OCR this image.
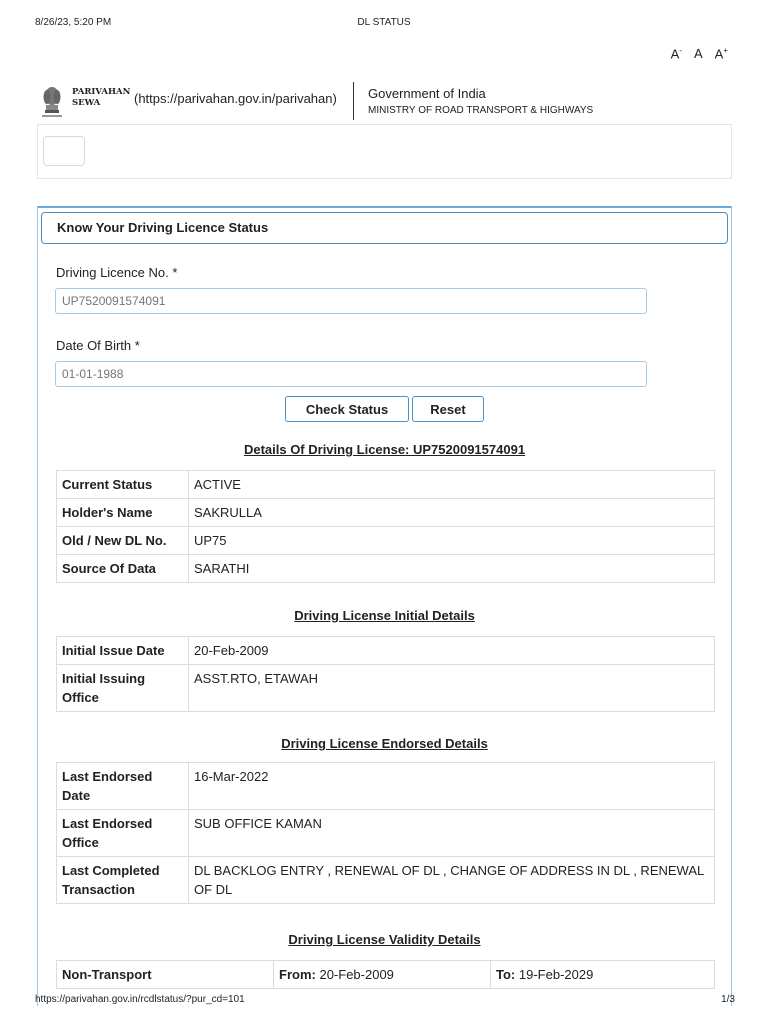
8/26/23, 5:20 PM	DL STATUS
A- A A+
PARIVAHAN
SEWA	(https://parivahan.gov.in/parivahan) Government of India
MINISTRY OF ROAD TRANSPORT & HIGHWAYS
Know Your Driving Licence Status
Driving Licence No. *
UP7520091574091
Date Of Birth *
01-01-1988
Check Status	Reset
Details Of Driving License: UP7520091574091
Current Status	ACTIVE
Holder's Name	SAKRULLA
Old / New DL No.	UP75
Source Of Data	SARATHI
Driving License Initial Details
Initial Issue Date	20-Feb-2009
Initial Issuing Office	ASST.RTO, ETAWAH
Driving License Endorsed Details
Last Endorsed Date	16-Mar-2022
Last Endorsed Office	SUB OFFICE KAMAN
Last Completed Transaction	DL BACKLOG ENTRY , RENEWAL OF DL , CHANGE OF ADDRESS IN DL , RENEWAL OF DL
Driving License Validity Details
Non-Transport	From: 20-Feb-2009	To: 19-Feb-2029
https://parivahan.gov.in/rcdlstatus/?pur_cd=101	1/3
